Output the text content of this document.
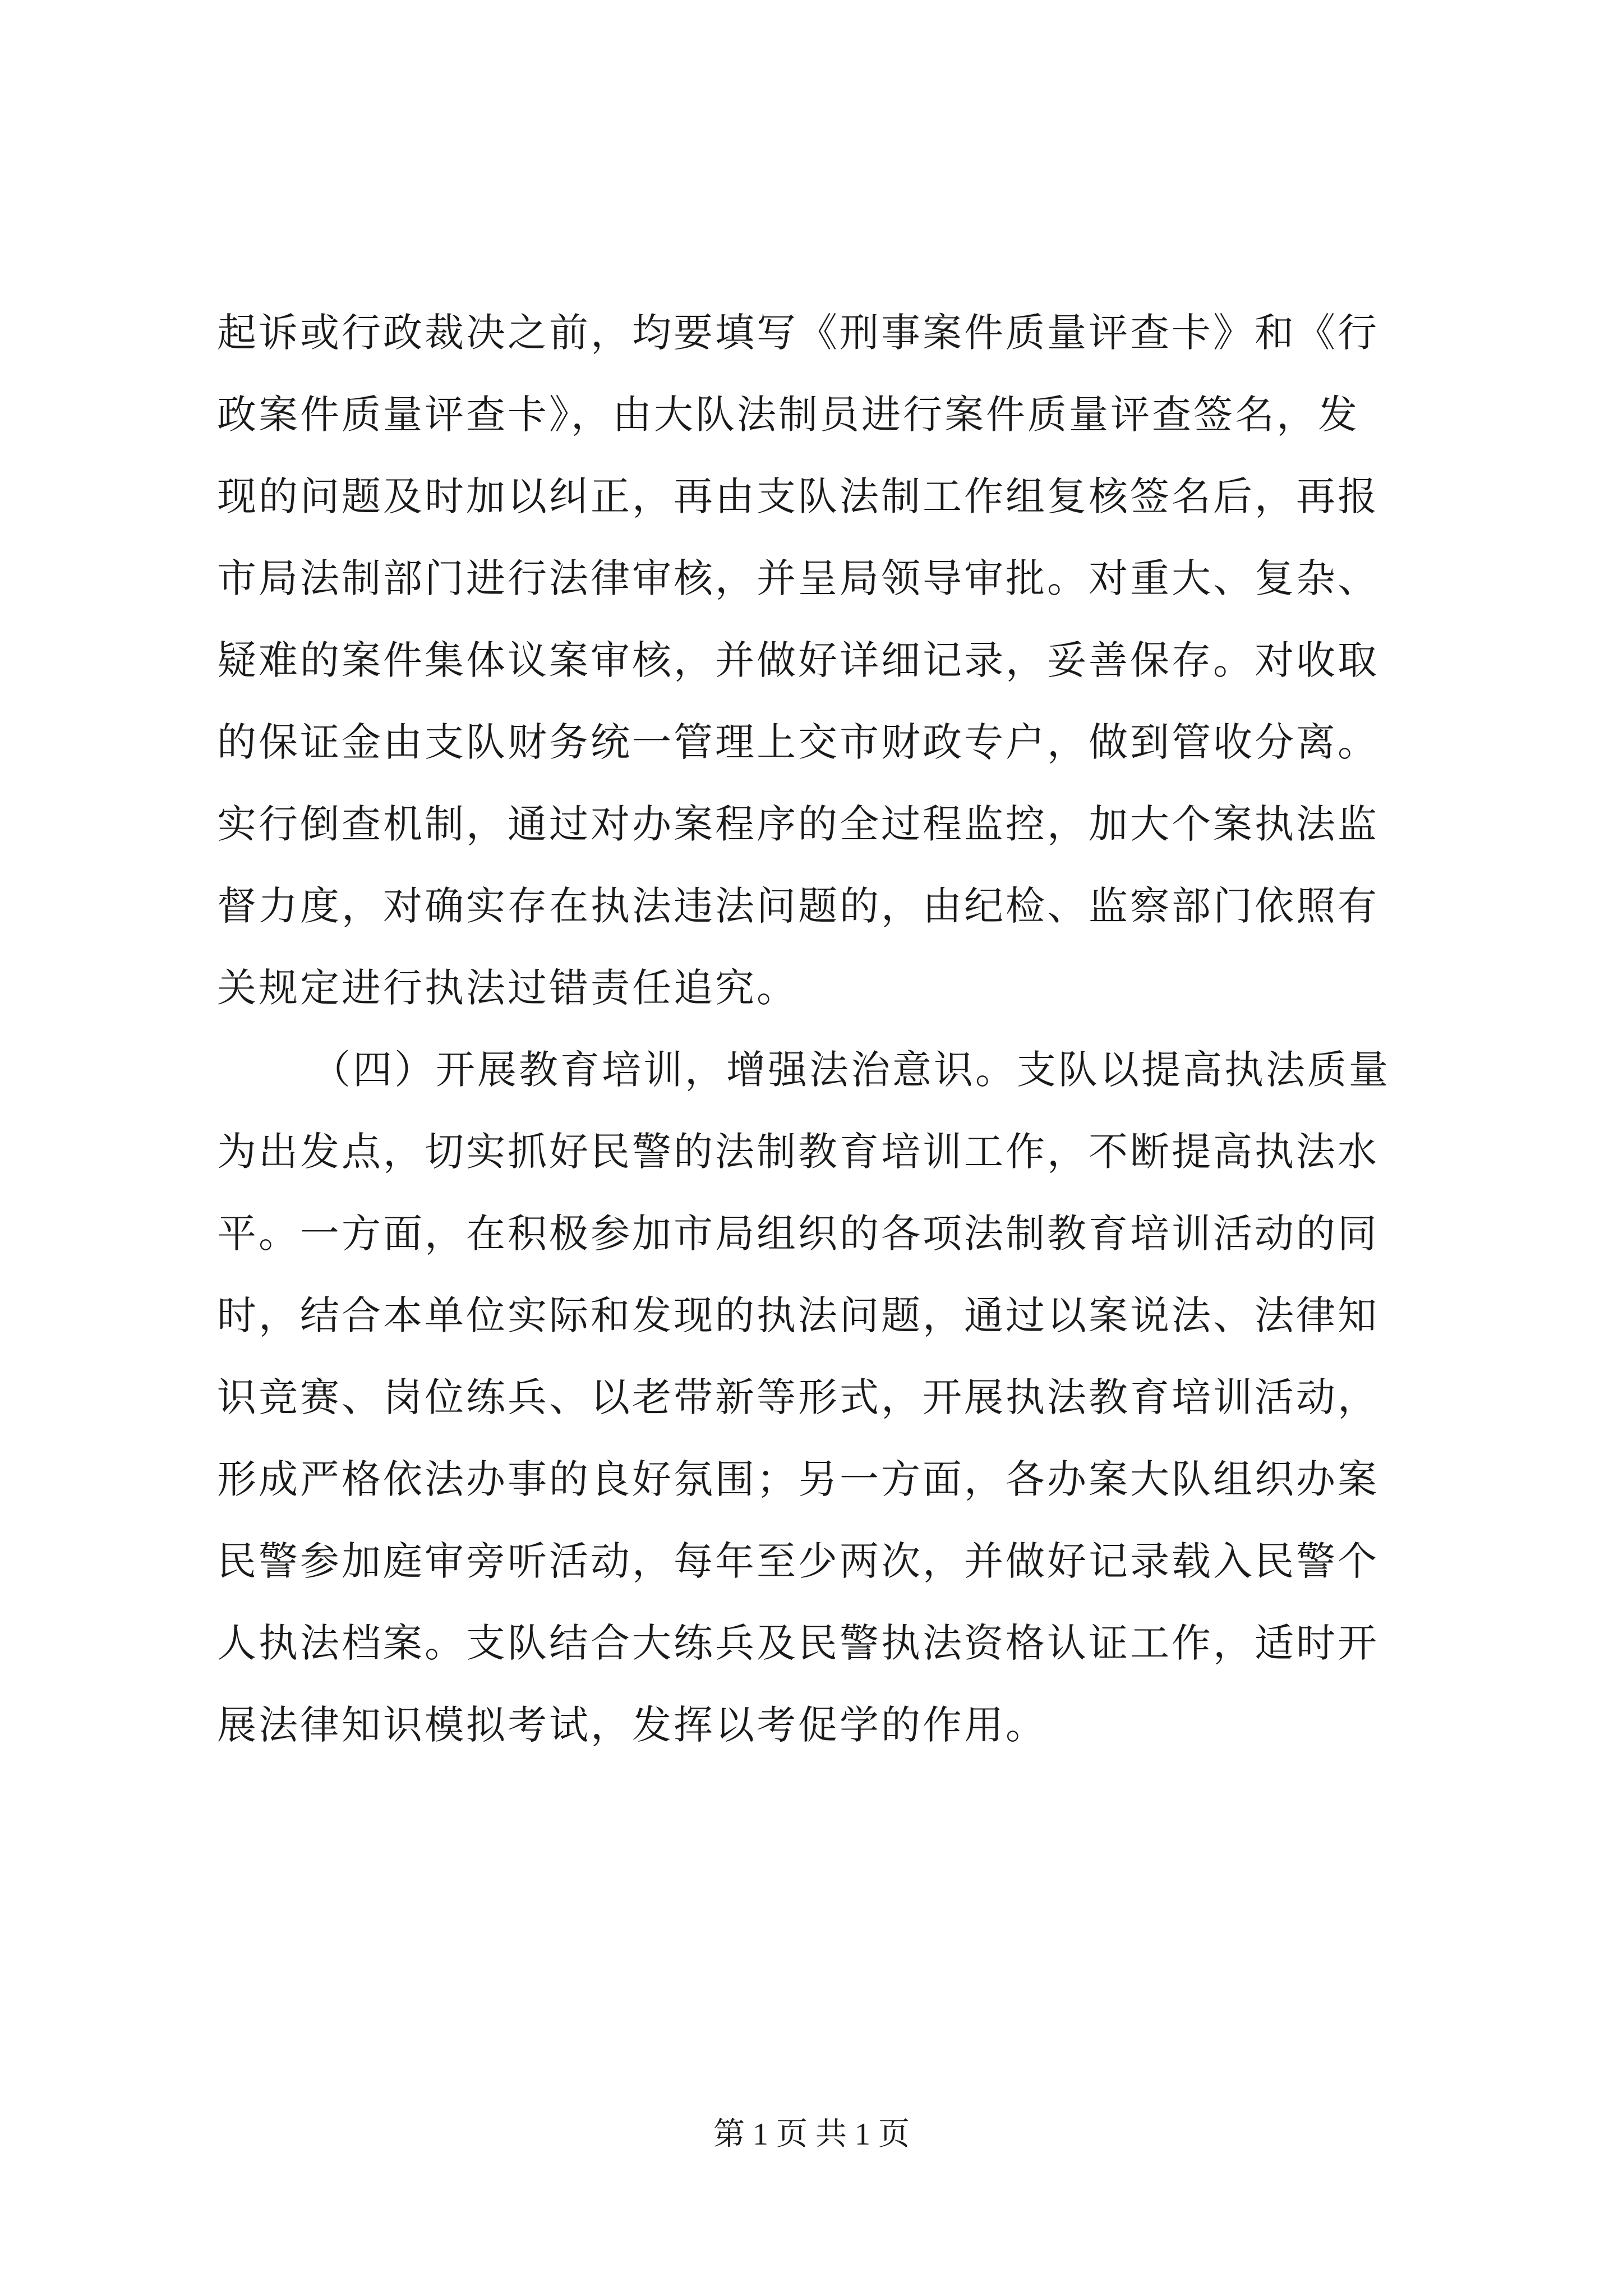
起诉或行政裁决之前，均要填写《刑事案件质量评查卡》和《行
政案件质量评查卡》，由大队法制员进行案件质量评查签名，发
现的问题及时加以纠正，再由支队法制工作组复核签名后，再报
市局法制部门进行法律审核，并呈局领导审批。对重大、复杂、
疑难的案件集体议案审核，并做好详细记录，妥善保存。对收取
的保证金由支队财务统一管理上交市财政专户，做到管收分离。
实行倒查机制，通过对办案程序的全过程监控，加大个案执法监
督力度，对确实存在执法违法问题的，由纪检、监察部门依照有
关规定进行执法过错责任追究。
（四）开展教育培训，增强法治意识。支队以提高执法质量
为出发点，切实抓好民警的法制教育培训工作，不断提高执法水
平。一方面，在积极参加市局组织的各项法制教育培训活动的同
时，结合本单位实际和发现的执法问题，通过以案说法、法律知
识竞赛、岗位练兵、以老带新等形式，开展执法教育培训活动，
形成严格依法办事的良好氛围；另一方面，各办案大队组织办案
民警参加庭审旁听活动，每年至少两次，并做好记录载入民警个
人执法档案。支队结合大练兵及民警执法资格认证工作，适时开
展法律知识模拟考试，发挥以考促学的作用。
第 1 页 共 1 页
